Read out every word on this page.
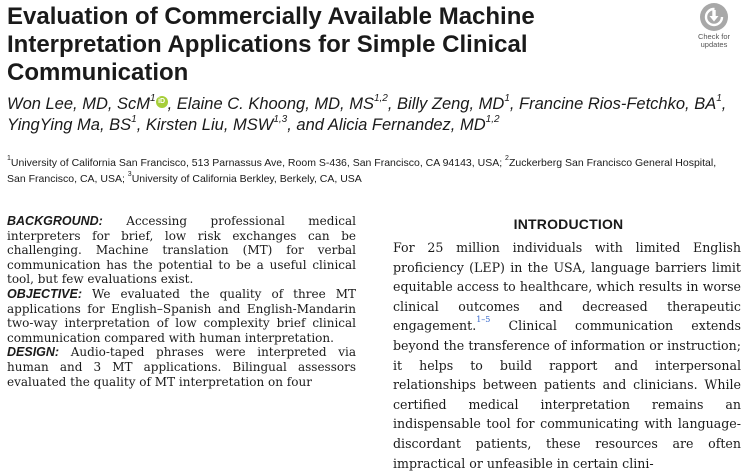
Evaluation of Commercially Available Machine Interpretation Applications for Simple Clinical Communication
Check for
updates
Won Lee, MD, ScM$^1$ iD , Elaine C. Khoong, MD, MS$^{1,2}$, Billy Zeng, $MD^1$, Francine Rios-Fetchko, $BA^1$, YingYing Ma, $BS^1$, Kirsten Liu, MSW$^{1,3}$, and Alicia Fernandez, MD$^{1,2}$
$^1$University of California San Francisco, 513 Parnassus Ave, Room S-436, San Francisco, CA 94143, USA; $^2$Zuckerberg San Francisco General Hospital, San Francisco, CA, USA; $^3$University of California Berkley, Berkely, CA, USA

BACKGROUND: Accessing professional medical interpreters for brief, low risk exchanges can be challenging. Machine translation (MT) for verbal communication has the potential to be a useful clinical tool, but few evaluations exist.

OBJECTIVE: We evaluated the quality of three MT applications for English–Spanish and English-Mandarin two-way interpretation of low complexity brief clinical communication compared with human interpretation.

DESIGN: Audio-taped phrases were interpreted via human and 3 MT applications. Bilingual assessors evaluated the quality of MT interpretation on four

INTRODUCTION

For 25 million individuals with limited English proficiency (LEP) in the USA, language barriers limit equitable access to healthcare, which results in worse clinical outcomes and decreased therapeutic engagement.$^{1-5}$ Clinical communication extends beyond the transference of information or instruction; it helps to build rapport and interpersonal relationships between patients and clinicians. While certified medical interpretation remains an indispensable tool for communicating with language-discordant patients, these resources are often impractical or unfeasible in certain clini-
